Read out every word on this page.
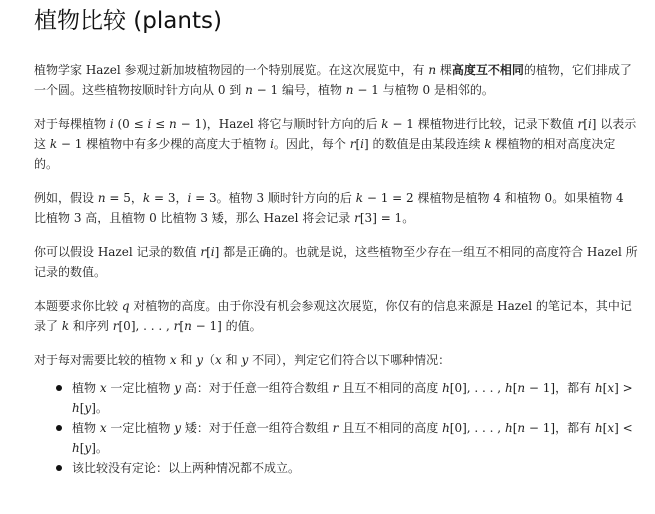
植物比较 (plants)

植物学家 Hazel 参观过新加坡植物园的一个特别展览。在这次展览中，有 n 棵高度互不相同的植物，它们排成了一个圆。这些植物按顺时针方向从 0 到 n − 1 编号，植物 n − 1 与植物 0 是相邻的。

对于每棵植物 i (0 ≤ i ≤ n − 1)，Hazel 将它与顺时针方向的后 k − 1 棵植物进行比较，记录下数值 r[i] 以表示这 k − 1 棵植物中有多少棵的高度大于植物 i。因此，每个 r[i] 的数值是由某段连续 k 棵植物的相对高度决定的。

例如，假设 n = 5，k = 3，i = 3。植物 3 顺时针方向的后 k − 1 = 2 棵植物是植物 4 和植物 0。如果植物 4 比植物 3 高，且植物 0 比植物 3 矮，那么 Hazel 将会记录 r[3] = 1。

你可以假设 Hazel 记录的数值 r[i] 都是正确的。也就是说，这些植物至少存在一组互不相同的高度符合 Hazel 所记录的数值。

本题要求你比较 q 对植物的高度。由于你没有机会参观这次展览，你仅有的信息来源是 Hazel 的笔记本，其中记录了 k 和序列 r[0], . . . , r[n − 1] 的值。

对于每对需要比较的植物 x 和 y（x 和 y 不同），判定它们符合以下哪种情况：

植物 x 一定比植物 y 高：对于任意一组符合数组 r 且互不相同的高度 h[0], . . . , h[n − 1]，都有 h[x] > h[y]。
植物 x 一定比植物 y 矮：对于任意一组符合数组 r 且互不相同的高度 h[0], . . . , h[n − 1]，都有 h[x] < h[y]。
该比较没有定论：以上两种情况都不成立。
